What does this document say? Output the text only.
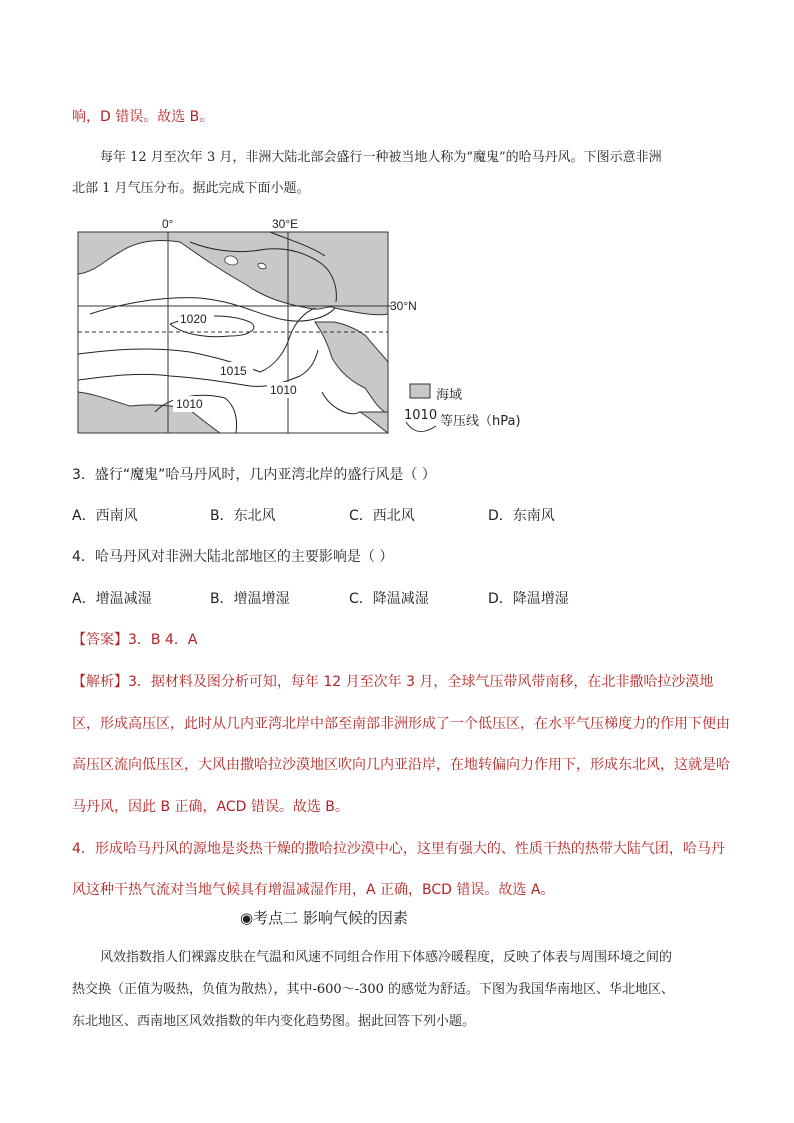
响，D 错误。故选 B。
每年 12 月至次年 3 月，非洲大陆北部会盛行一种被当地人称为“魔鬼”的哈马丹风。下图示意非洲
北部 1 月气压分布。据此完成下面小题。
0°	30°E
30°N
1020
1015
1010
1010
海域
1010 等压线（hPa)
3．盛行“魔鬼”哈马丹风时，几内亚湾北岸的盛行风是（ ）
A．西南风	B．东北风	C．西北风	D．东南风
4．哈马丹风对非洲大陆北部地区的主要影响是（ ）
A．增温减湿	B．增温增湿	C．降温减湿	D．降温增湿
【答案】3．B 4．A
【解析】3．据材料及图分析可知，每年 12 月至次年 3 月，全球气压带风带南移，在北非撒哈拉沙漠地
区，形成高压区，此时从几内亚湾北岸中部至南部非洲形成了一个低压区，在水平气压梯度力的作用下便由
高压区流向低压区，大风由撒哈拉沙漠地区吹向几内亚沿岸，在地转偏向力作用下，形成东北风，这就是哈
马丹风，因此 B 正确，ACD 错误。故选 B。
4．形成哈马丹风的源地是炎热干燥的撒哈拉沙漠中心，这里有强大的、性质干热的热带大陆气团，哈马丹
风这种干热气流对当地气候具有增温减湿作用，A 正确，BCD 错误。故选 A。
◉考点二 影响气候的因素
风效指数指人们裸露皮肤在气温和风速不同组合作用下体感冷暖程度，反映了体表与周围环境之间的
热交换（正值为吸热，负值为散热），其中-600～-300 的感觉为舒适。下图为我国华南地区、华北地区、
东北地区、西南地区风效指数的年内变化趋势图。据此回答下列小题。
